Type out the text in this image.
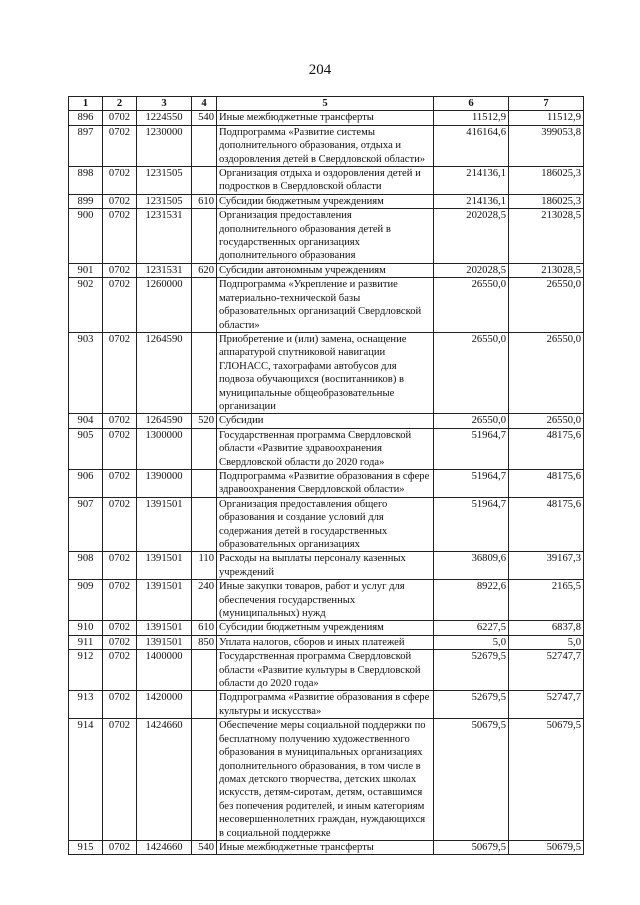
204
1	2	3	4	5	6	7
896	0702	1224550	540	Иные межбюджетные трансферты	11512,9	11512,9
897	0702	1230000		Подпрограмма «Развитие системы дополнительного образования, отдыха и оздоровления детей в Свердловской области»	416164,6	399053,8
898	0702	1231505		Организация отдыха и оздоровления детей и подростков в Свердловской области	214136,1	186025,3
899	0702	1231505	610	Субсидии бюджетным учреждениям	214136,1	186025,3
900	0702	1231531		Организация предоставления дополнительного образования детей в государственных организациях дополнительного образования	202028,5	213028,5
901	0702	1231531	620	Субсидии автономным учреждениям	202028,5	213028,5
902	0702	1260000		Подпрограмма «Укрепление и развитие материально-технической базы образовательных организаций Свердловской области»	26550,0	26550,0
903	0702	1264590		Приобретение и (или) замена, оснащение аппаратурой спутниковой навигации ГЛОНАСС, тахографами автобусов для подвоза обучающихся (воспитанников) в муниципальные общеобразовательные организации	26550,0	26550,0
904	0702	1264590	520	Субсидии	26550,0	26550,0
905	0702	1300000		Государственная программа Свердловской области «Развитие здравоохранения Свердловской области до 2020 года»	51964,7	48175,6
906	0702	1390000		Подпрограмма «Развитие образования в сфере здравоохранения Свердловской области»	51964,7	48175,6
907	0702	1391501		Организация предоставления общего образования и создание условий для содержания детей в государственных образовательных организациях	51964,7	48175,6
908	0702	1391501	110	Расходы на выплаты персоналу казенных учреждений	36809,6	39167,3
909	0702	1391501	240	Иные закупки товаров, работ и услуг для обеспечения государственных (муниципальных) нужд	8922,6	2165,5
910	0702	1391501	610	Субсидии бюджетным учреждениям	6227,5	6837,8
911	0702	1391501	850	Уплата налогов, сборов и иных платежей	5,0	5,0
912	0702	1400000		Государственная программа Свердловской области «Развитие культуры в Свердловской области до 2020 года»	52679,5	52747,7
913	0702	1420000		Подпрограмма «Развитие образования в сфере культуры и искусства»	52679,5	52747,7
914	0702	1424660		Обеспечение меры социальной поддержки по бесплатному получению художественного образования в муниципальных организациях дополнительного образования, в том числе в домах детского творчества, детских школах искусств, детям-сиротам, детям, оставшимся без попечения родителей, и иным категориям несовершеннолетних граждан, нуждающихся в социальной поддержке	50679,5	50679,5
915	0702	1424660	540	Иные межбюджетные трансферты	50679,5	50679,5
